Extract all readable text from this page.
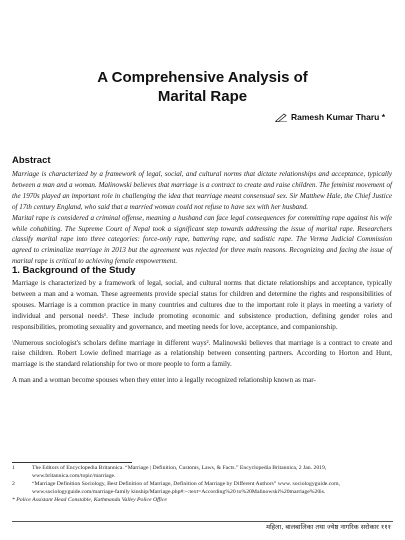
A Comprehensive Analysis of
Marital Rape
Ramesh Kumar Tharu *
Abstract

Marriage is characterized by a framework of legal, social, and cultural norms that dictate relationships and acceptance, typically between a man and a woman. Malinowski believes that marriage is a contract to create and raise children. The feminist movement of the 1970s played an important role in challenging the idea that marriage meant consensual sex. Sir Matthew Hale, the Chief Justice of 17th century England, who said that a married woman could not refuse to have sex with her husband.

Marital rape is considered a criminal offense, meaning a husband can face legal consequences for committing rape against his wife while cohabiting. The Supreme Court of Nepal took a significant step towards addressing the issue of marital rape. Researchers classify marital rape into three categories: force-only rape, battering rape, and sadistic rape. The Verma Judicial Commission agreed to criminalize marriage in 2013 but the agreement was rejected for three main reasons. Recognizing and facing the issue of marital rape is critical to achieving female empowerment.

1. Background of the Study

Marriage is characterized by a framework of legal, social, and cultural norms that dictate relationships and acceptance, typically between a man and a woman. These agreements provide special status for children and determine the rights and responsibilities of spouses. Marriage is a common practice in many countries and cultures due to the important role it plays in meeting a variety of individual and personal needs¹. These include promoting economic and subsistence production, defining gender roles and responsibilities, promoting sexuality and governance, and meeting needs for love, acceptance, and companionship.

\Numerous sociologist's scholars define marriage in different ways². Malinowski believes that marriage is a contract to create and raise children. Robert Lowie defined marriage as a relationship between consenting partners. According to Horton and Hunt, marriage is the standard relationship for two or more people to form a family.

A man and a woman become spouses when they enter into a legally recognized relationship known as mar-

1	The Editors of Encyclopedia Britannica. “Marriage | Definition, Customs, Laws, & Facts.” Encyclopedia Britannica, 2 Jan. 2019, www.britannica.com/topic/marriage.
2	“Marriage Definition Sociology, Best Definition of Marriage, Definition of Marriage by Different Authors” www. sociologyguide.com, www.sociologyguide.com/marriage-family kinship/Marriage.php#:~:text=According%20 to%20Malinowski%20marriage%20is.
* Police Assistant Head Constable, Kathmandu Valley Police Office
महिला, बालबालिका तथा ज्येष्ठ नागरिक सरोकार १११
